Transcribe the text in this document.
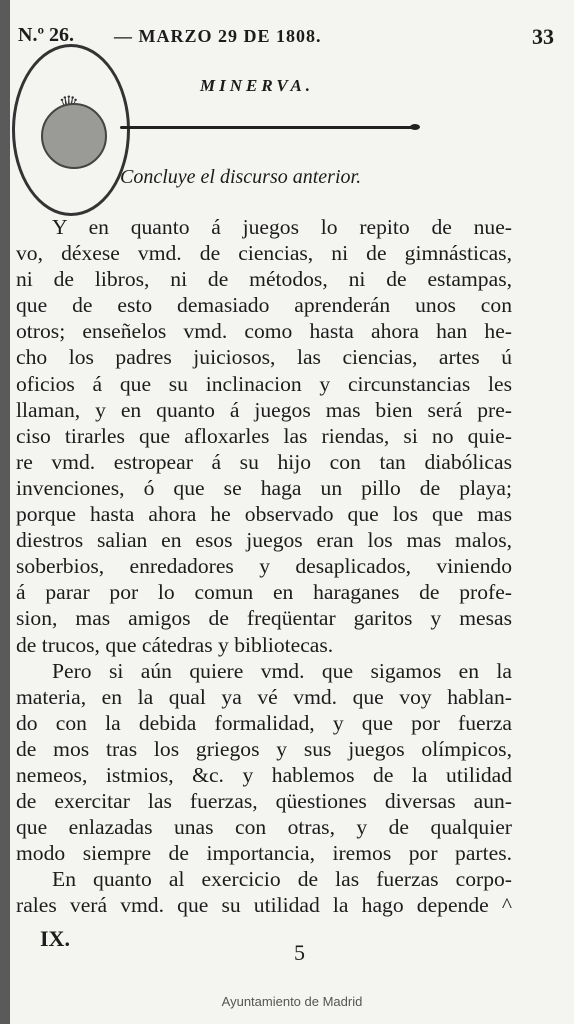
N.º 26. — MARZO 29 DE 1808.	33
MINERVA.
Concluye el discurso anterior.
Y en quanto á juegos lo repito de nue-
vo, déxese vmd. de ciencias, ni de gimnásticas,
ni de libros, ni de métodos, ni de estampas,
que de esto demasiado aprenderán unos con
otros; enseñelos vmd. como hasta ahora han he-
cho los padres juiciosos, las ciencias, artes ú
oficios á que su inclinacion y circunstancias les
llaman, y en quanto á juegos mas bien será pre-
ciso tirarles que afloxarles las riendas, si no quie-
re vmd. estropear á su hijo con tan diabólicas
invenciones, ó que se haga un pillo de playa;
porque hasta ahora he observado que los que mas
diestros salian en esos juegos eran los mas malos,
soberbios, enredadores y desaplicados, viniendo
á parar por lo comun en haraganes de profe-
sion, mas amigos de freqüentar garitos y mesas
de trucos, que cátedras y bibliotecas.
Pero si aún quiere vmd. que sigamos en la
materia, en la qual ya vé vmd. que voy hablan-
do con la debida formalidad, y que por fuerza
de mos tras los griegos y sus juegos olímpicos,
nemeos, istmios, &c. y hablemos de la utilidad
de exercitar las fuerzas, qüestiones diversas aun-
que enlazadas unas con otras, y de qualquier
modo siempre de importancia, iremos por partes.
En quanto al exercicio de las fuerzas corpo-
rales verá vmd. que su utilidad la hago depende ^
IX.
5
Ayuntamiento de Madrid
